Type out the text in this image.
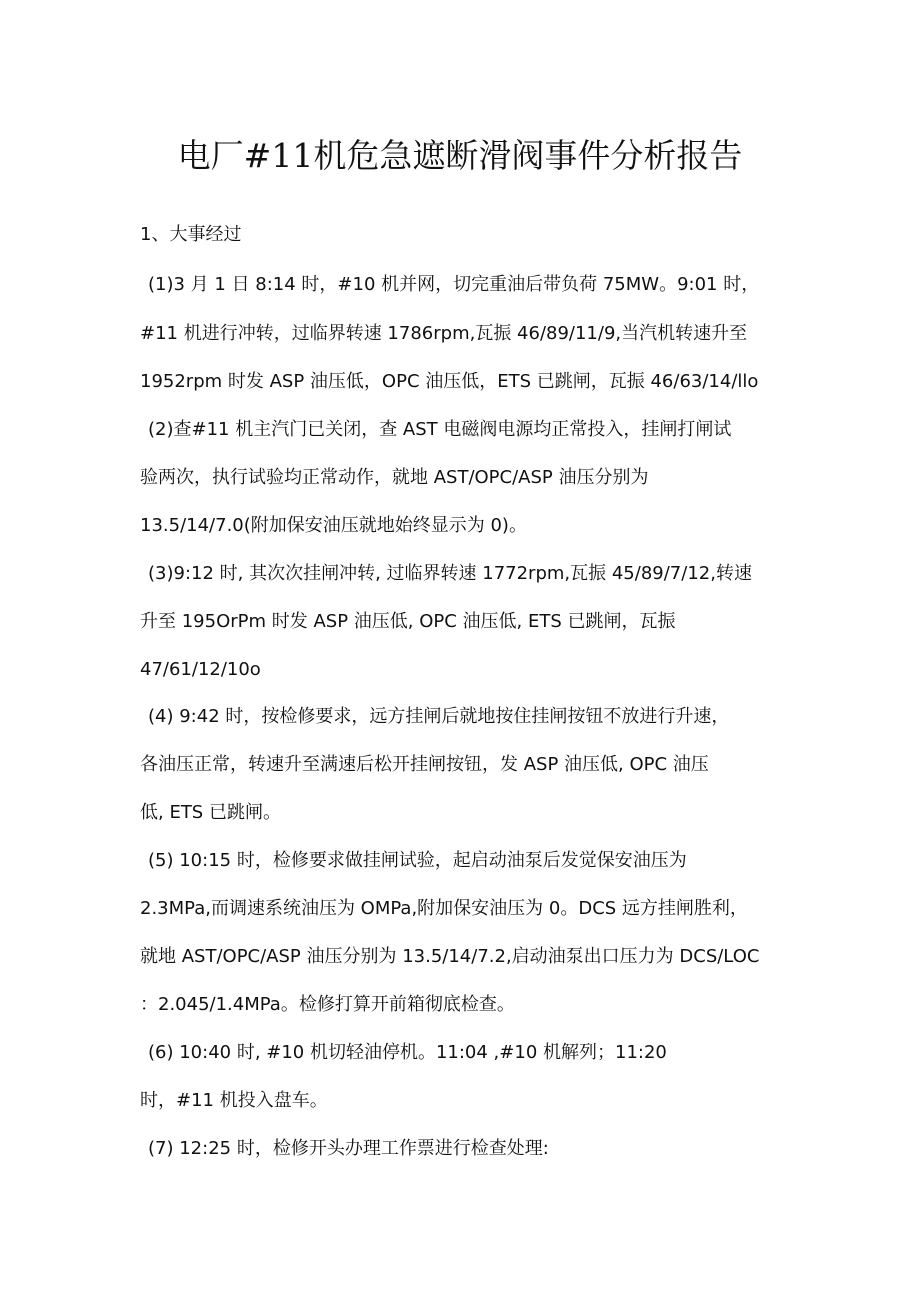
电厂#11机危急遮断滑阀事件分析报告

1、大事经过

(1)3 月 1 日 8:14 时，#10 机并网，切完重油后带负荷 75MW。9:01 时，
#11 机进行冲转，过临界转速 1786rpm,瓦振 46/89/11/9,当汽机转速升至
1952rpm 时发 ASP 油压低，OPC 油压低，ETS 已跳闸，瓦振 46∕63∕14∕llo
(2)查#11 机主汽门已关闭，查 AST 电磁阀电源均正常投入，挂闸打闸试
验两次，执行试验均正常动作，就地 AST/OPC/ASP 油压分别为
13.5/14/7.0(附加保安油压就地始终显示为 0)。
(3)9:12 时, 其次次挂闸冲转, 过临界转速 1772rpm,瓦振 45/89/7/12,转速
升至 195OrPm 时发 ASP 油压低, OPC 油压低, ETS 已跳闸，瓦振
47∕61∕12∕10o
(4) 9:42 时，按检修要求，远方挂闸后就地按住挂闸按钮不放进行升速，
各油压正常，转速升至满速后松开挂闸按钮，发 ASP 油压低, OPC 油压
低, ETS 已跳闸。
(5) 10:15 时，检修要求做挂闸试验，起启动油泵后发觉保安油压为
2.3MPa,而调速系统油压为 OMPa,附加保安油压为 0。DCS 远方挂闸胜利，
就地 AST/OPC/ASP 油压分别为 13.5/14/7.2,启动油泵出口压力为 DCS/LOC
：2.045∕1.4MPa。检修打算开前箱彻底检查。
(6) 10:40 时, #10 机切轻油停机。11:04 ,#10 机解列；11:20
时，#11 机投入盘车。
(7) 12:25 时，检修开头办理工作票进行检查处理:
